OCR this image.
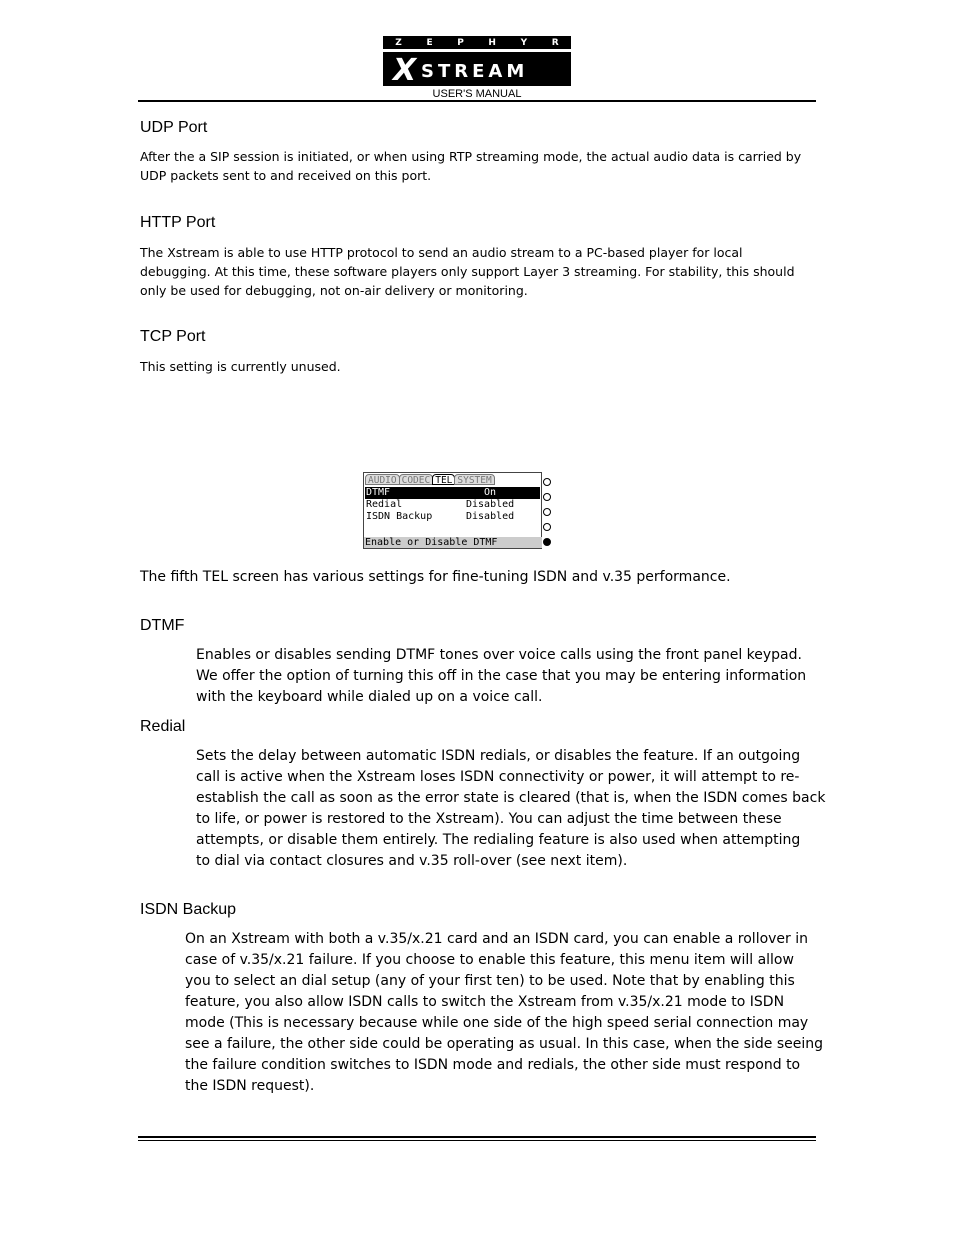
Z	E	P	H	Y	R
X STREAM
USER'S MANUAL
UDP Port
After the a SIP session is initiated, or when using RTP streaming mode, the actual audio data is carried by
UDP packets sent to and received on this port.
HTTP Port
The Xstream is able to use HTTP protocol to send an audio stream to a PC-based player for local
debugging. At this time, these software players only support Layer 3 streaming. For stability, this should
only be used for debugging, not on-air delivery or monitoring.
TCP Port
This setting is currently unused.
AUDIO CODEC TEL SYSTEM
DTMF	On
Redial	Disabled
ISDN Backup	Disabled
Enable or Disable DTMF
The fifth TEL screen has various settings for fine-tuning ISDN and v.35 performance.
DTMF
Enables or disables sending DTMF tones over voice calls using the front panel keypad.
We offer the option of turning this off in the case that you may be entering information
with the keyboard while dialed up on a voice call.
Redial
Sets the delay between automatic ISDN redials, or disables the feature. If an outgoing
call is active when the Xstream loses ISDN connectivity or power, it will attempt to re-
establish the call as soon as the error state is cleared (that is, when the ISDN comes back
to life, or power is restored to the Xstream). You can adjust the time between these
attempts, or disable them entirely. The redialing feature is also used when attempting
to dial via contact closures and v.35 roll-over (see next item).
ISDN Backup
On an Xstream with both a v.35/x.21 card and an ISDN card, you can enable a rollover in
case of v.35/x.21 failure. If you choose to enable this feature, this menu item will allow
you to select an dial setup (any of your first ten) to be used. Note that by enabling this
feature, you also allow ISDN calls to switch the Xstream from v.35/x.21 mode to ISDN
mode (This is necessary because while one side of the high speed serial connection may
see a failure, the other side could be operating as usual. In this case, when the side seeing
the failure condition switches to ISDN mode and redials, the other side must respond to
the ISDN request).
